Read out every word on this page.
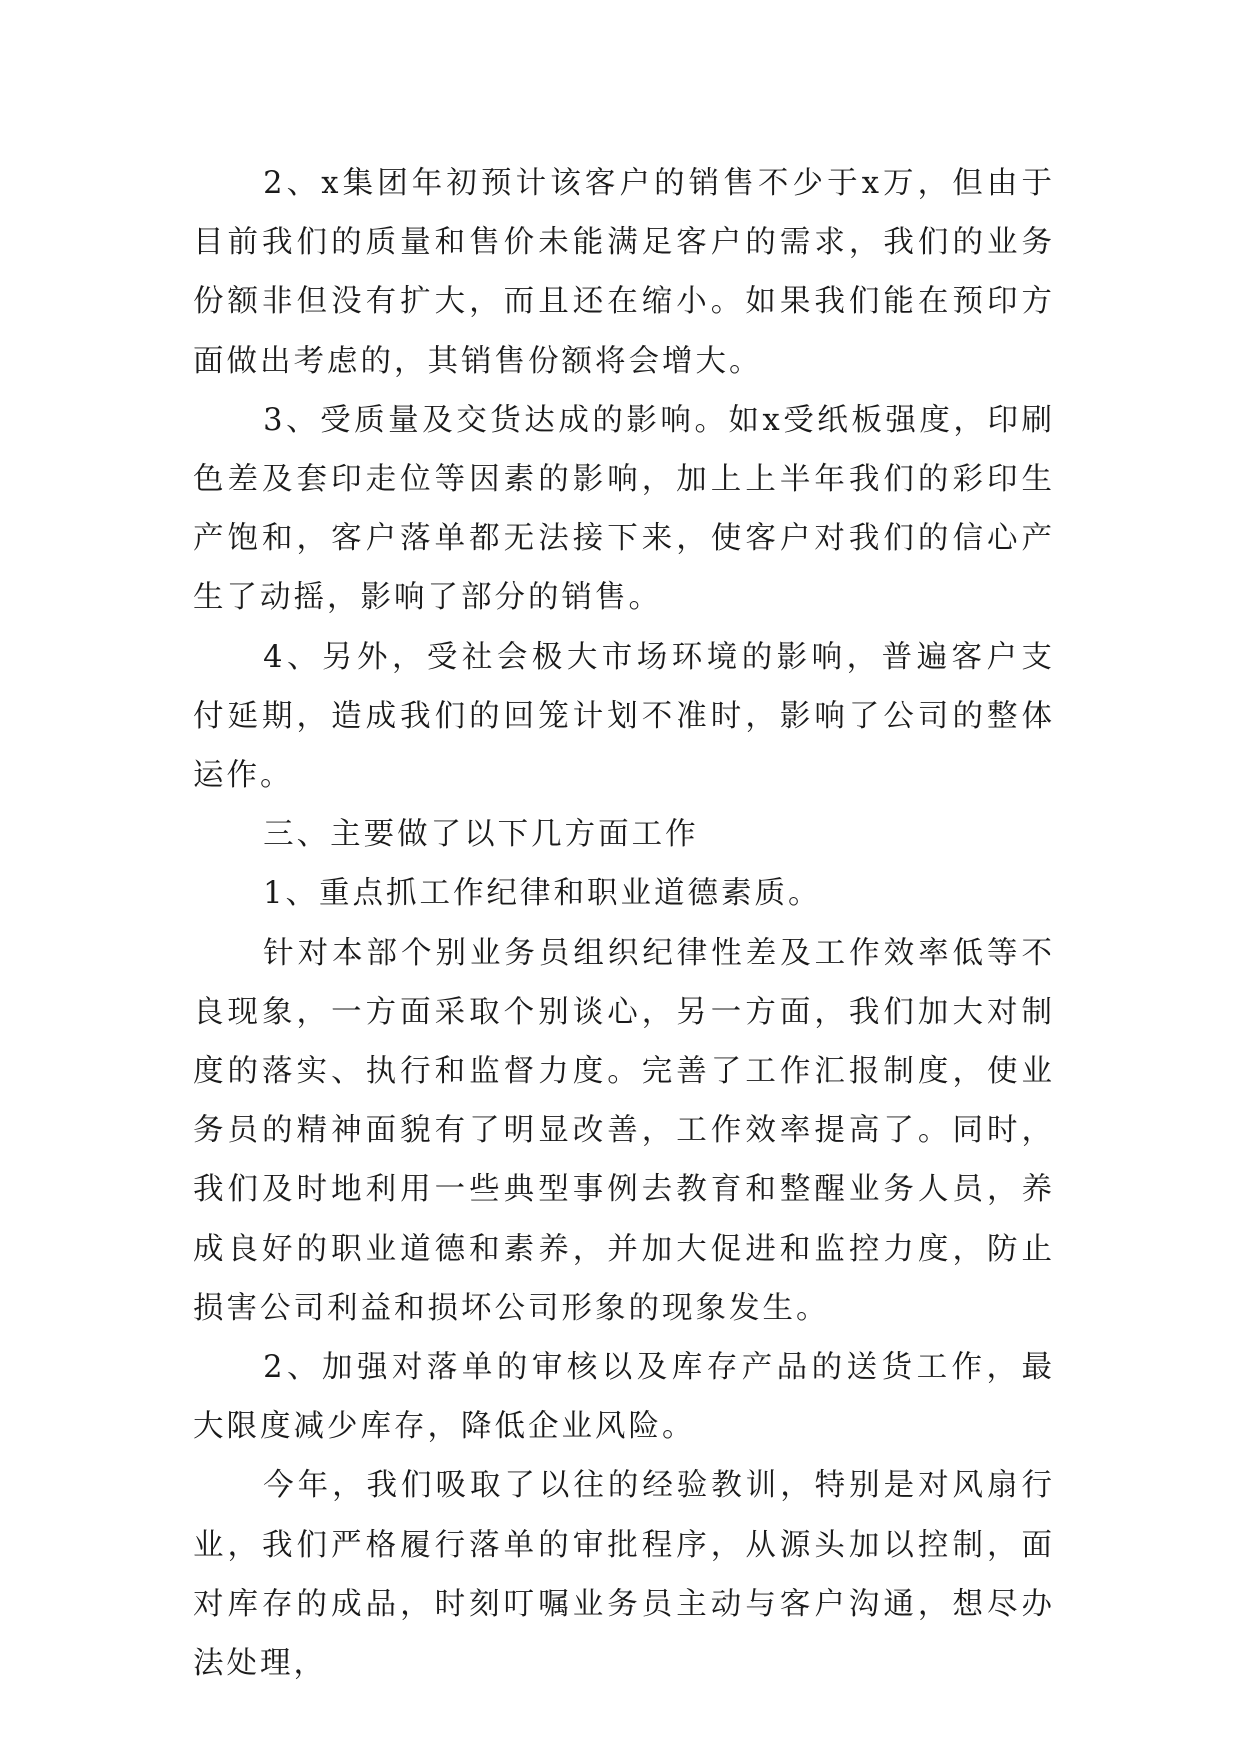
2、x集团年初预计该客户的销售不少于x万，但由于目前我们的质量和售价未能满足客户的需求，我们的业务份额非但没有扩大，而且还在缩小。如果我们能在预印方面做出考虑的，其销售份额将会增大。

3、受质量及交货达成的影响。如x受纸板强度，印刷色差及套印走位等因素的影响，加上上半年我们的彩印生产饱和，客户落单都无法接下来，使客户对我们的信心产生了动摇，影响了部分的销售。

4、另外，受社会极大市场环境的影响，普遍客户支付延期，造成我们的回笼计划不准时，影响了公司的整体运作。

三、主要做了以下几方面工作

1、重点抓工作纪律和职业道德素质。

针对本部个别业务员组织纪律性差及工作效率低等不良现象，一方面采取个别谈心，另一方面，我们加大对制度的落实、执行和监督力度。完善了工作汇报制度，使业务员的精神面貌有了明显改善，工作效率提高了。同时，我们及时地利用一些典型事例去教育和整醒业务人员，养成良好的职业道德和素养，并加大促进和监控力度，防止损害公司利益和损坏公司形象的现象发生。

2、加强对落单的审核以及库存产品的送货工作，最大限度减少库存，降低企业风险。

今年，我们吸取了以往的经验教训，特别是对风扇行业，我们严格履行落单的审批程序，从源头加以控制，面对库存的成品，时刻叮嘱业务员主动与客户沟通，想尽办法处理，
